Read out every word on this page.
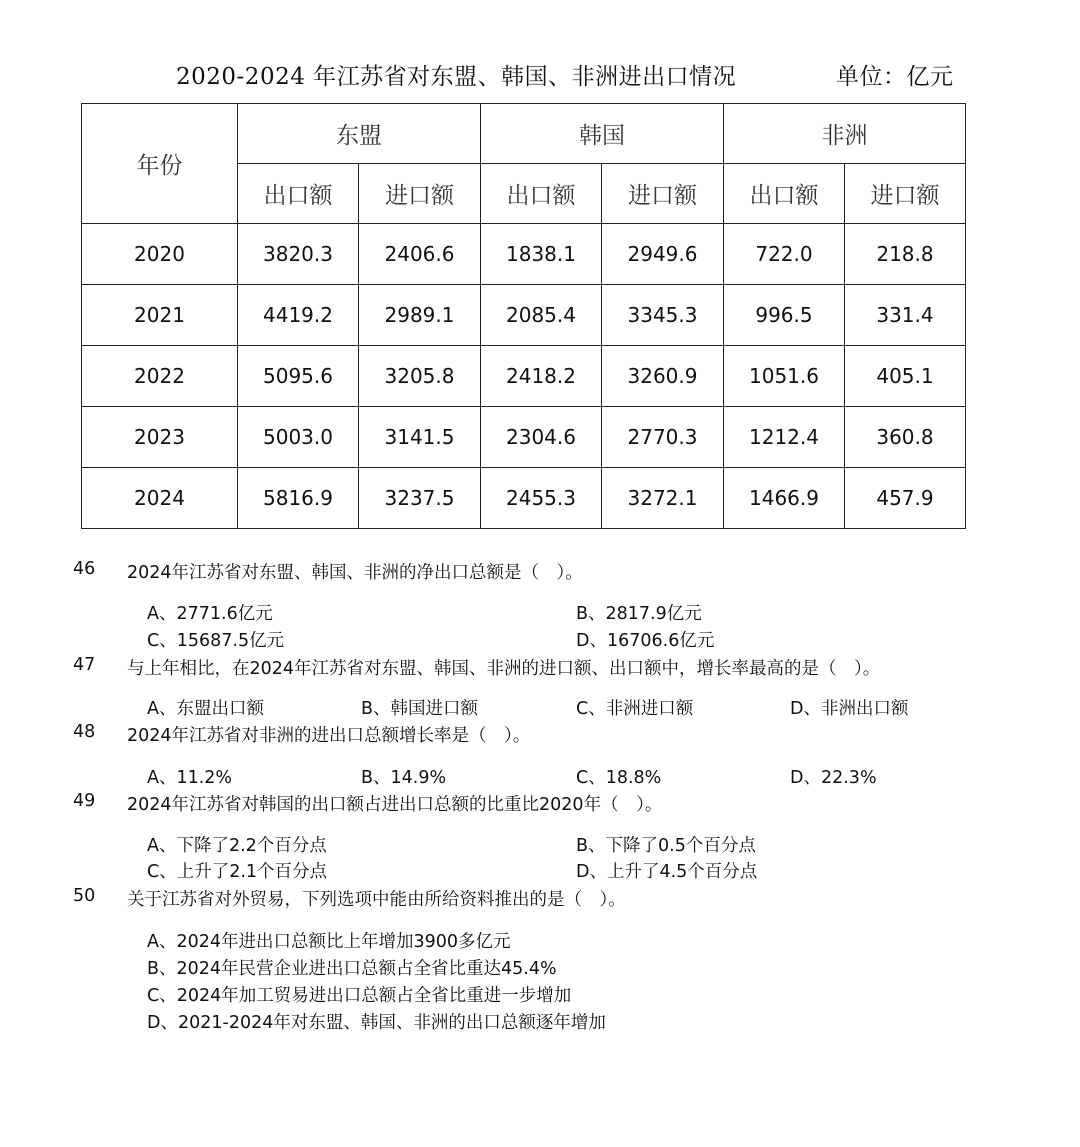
2020-2024 年江苏省对东盟、韩国、非洲进出口情况	单位：亿元
年份	东盟		韩国		非洲	
	出口额	进口额	出口额	进口额	出口额	进口额
2020	3820.3	2406.6	1838.1	2949.6	722.0	218.8
2021	4419.2	2989.1	2085.4	3345.3	996.5	331.4
2022	5095.6	3205.8	2418.2	3260.9	1051.6	405.1
2023	5003.0	3141.5	2304.6	2770.3	1212.4	360.8
2024	5816.9	3237.5	2455.3	3272.1	1466.9	457.9
46 2024年江苏省对东盟、韩国、非洲的净出口总额是（　）。
A、2771.6亿元	B、2817.9亿元
C、15687.5亿元	D、16706.6亿元
47 与上年相比，在2024年江苏省对东盟、韩国、非洲的进口额、出口额中，增长率最高的是（　）。
A、东盟出口额	B、韩国进口额	C、非洲进口额	D、非洲出口额
48 2024年江苏省对非洲的进出口总额增长率是（　）。
A、11.2%	B、14.9%	C、18.8%	D、22.3%
49 2024年江苏省对韩国的出口额占进出口总额的比重比2020年（　）。
A、下降了2.2个百分点	B、下降了0.5个百分点
C、上升了2.1个百分点	D、上升了4.5个百分点
50 关于江苏省对外贸易，下列选项中能由所给资料推出的是（　）。
A、2024年进出口总额比上年增加3900多亿元
B、2024年民营企业进出口总额占全省比重达45.4%
C、2024年加工贸易进出口总额占全省比重进一步增加
D、2021-2024年对东盟、韩国、非洲的出口总额逐年增加
